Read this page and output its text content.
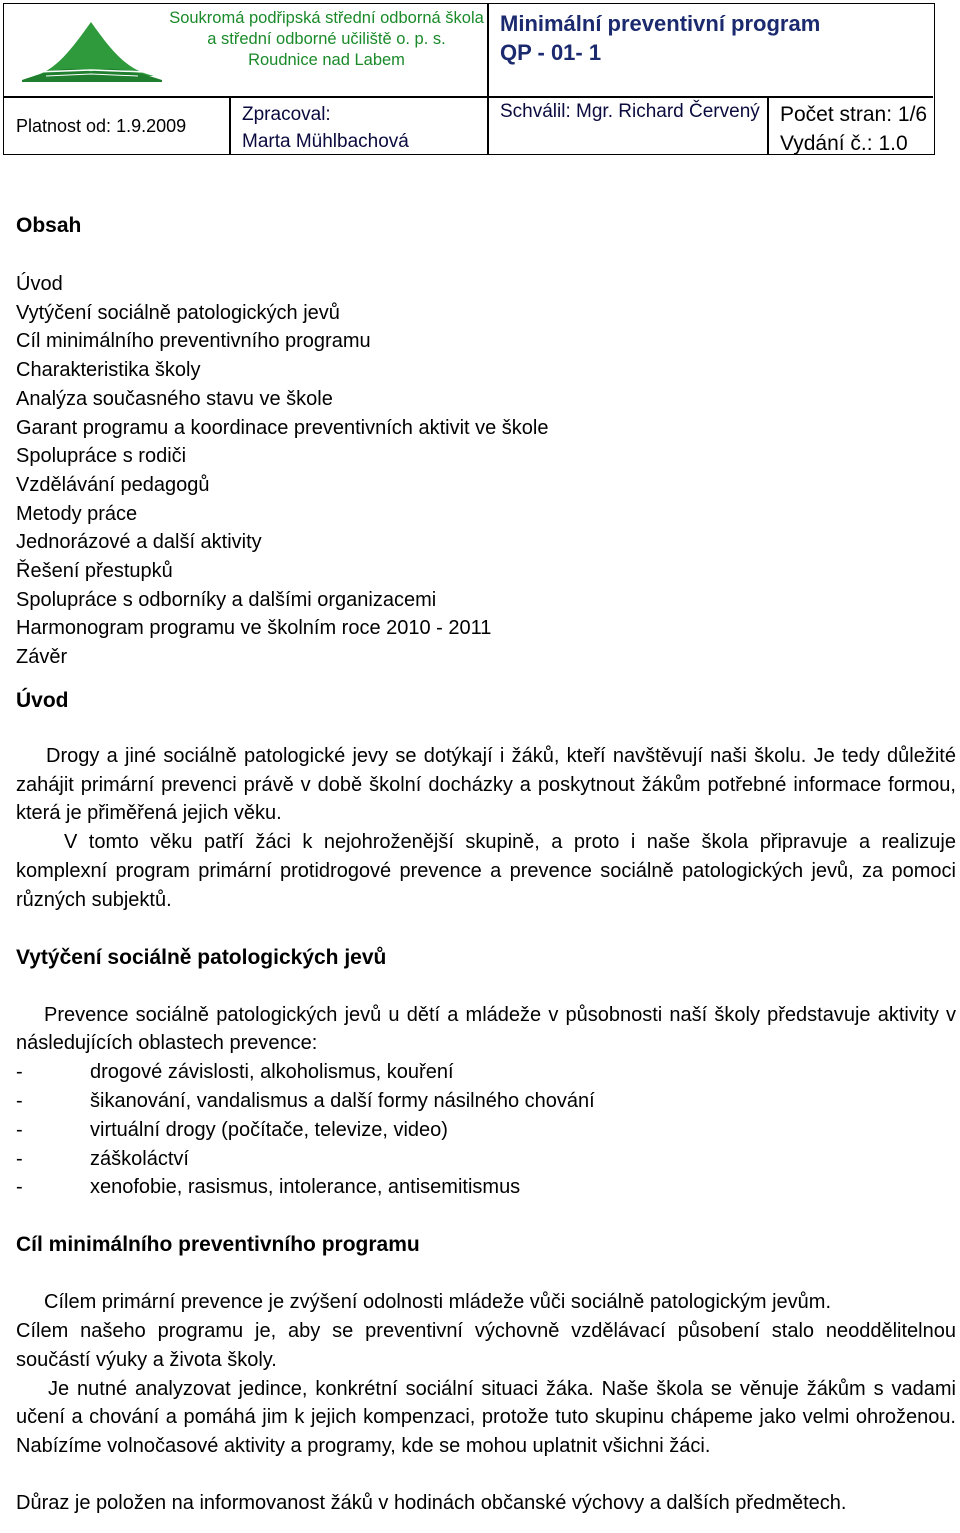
Soukromá podřipská střední odborná škola
a střední odborné učiliště o. p. s.
Roudnice nad Labem
Minimální preventivní program
QP - 01- 1
Platnost od: 1.9.2009
Zpracoval:
Marta Mühlbachová
Schválil: Mgr. Richard Červený Počet stran: 1/6
Vydání č.: 1.0
Obsah
Úvod
Vytýčení sociálně patologických jevů
Cíl minimálního preventivního programu
Charakteristika školy
Analýza současného stavu ve škole
Garant programu a koordinace preventivních aktivit ve škole
Spolupráce s rodiči
Vzdělávání pedagogů
Metody práce
Jednorázové a další aktivity
Řešení přestupků
Spolupráce s odborníky a dalšími organizacemi
Harmonogram programu ve školním roce 2010 - 2011
Závěr
Úvod

Drogy a jiné sociálně patologické jevy se dotýkají i žáků, kteří navštěvují naši školu. Je tedy důležité zahájit primární prevenci právě v době školní docházky a poskytnout žákům potřebné informace formou, která je přiměřená jejich věku.

V tomto věku patří žáci k nejohroženější skupině, a proto i naše škola připravuje a realizuje komplexní program primární protidrogové prevence a prevence sociálně patologických jevů, za pomoci různých subjektů.

Vytýčení sociálně patologických jevů

Prevence sociálně patologických jevů u dětí a mládeže v působnosti naší školy představuje aktivity v následujících oblastech prevence:

- drogové závislosti, alkoholismus, kouření
- šikanování, vandalismus a další formy násilného chování
- virtuální drogy (počítače, televize, video)
- záškoláctví
- xenofobie, rasismus, intolerance, antisemitismus
Cíl minimálního preventivního programu

Cílem primární prevence je zvýšení odolnosti mládeže vůči sociálně patologickým jevům.

Cílem našeho programu je, aby se preventivní výchovně vzdělávací působení stalo neoddělitelnou součástí výuky a života školy.

Je nutné analyzovat jedince, konkrétní sociální situaci žáka. Naše škola se věnuje žákům s vadami učení a chování a pomáhá jim k jejich kompenzaci, protože tuto skupinu chápeme jako velmi ohroženou. Nabízíme volnočasové aktivity a programy, kde se mohou uplatnit všichni žáci.

Důraz je položen na informovanost žáků v hodinách občanské výchovy a dalších předmětech.
